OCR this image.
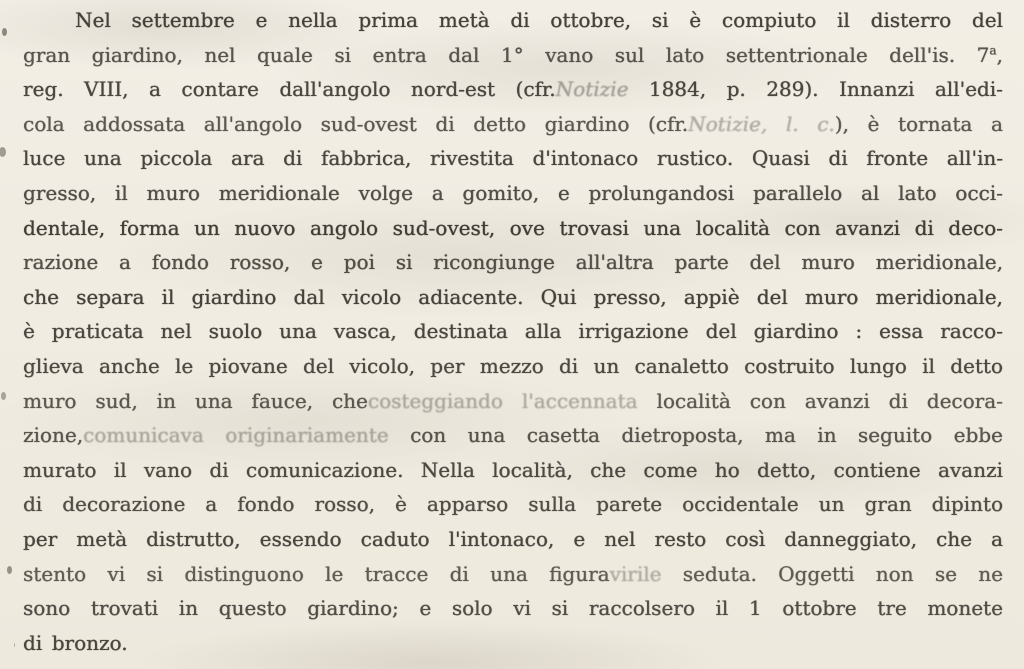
Nel settembre e nella prima metà di ottobre, si è compiuto il disterro del
gran giardino, nel quale si entra dal 1° vano sul lato settentrionale dell'is. 7$^a$,
reg. VIII, a contare dall'angolo nord-est (cfr.Notizie 1884, p. 289). Innanzi all'edi-
cola addossata all'angolo sud-ovest di detto giardino (cfr.Notizie, l. c.), è tornata a
luce una piccola ara di fabbrica, rivestita d'intonaco rustico. Quasi di fronte all'in-
gresso, il muro meridionale volge a gomito, e prolungandosi parallelo al lato occi-
dentale, forma un nuovo angolo sud-ovest, ove trovasi una località con avanzi di deco-
razione a fondo rosso, e poi si ricongiunge all'altra parte del muro meridionale,
che separa il giardino dal vicolo adiacente. Qui presso, appiè del muro meridionale,
è praticata nel suolo una vasca, destinata alla irrigazione del giardino : essa racco-
glieva anche le piovane del vicolo, per mezzo di un canaletto costruito lungo il detto
muro sud, in una fauce, checosteggiando l'accennata località con avanzi di decora-
zione,comunicava originariamente con una casetta dietroposta, ma in seguito ebbe
murato il vano di comunicazione. Nella località, che come ho detto, contiene avanzi
di decorazione a fondo rosso, è apparso sulla parete occidentale un gran dipinto
per metà distrutto, essendo caduto l'intonaco, e nel resto così danneggiato, che a
stento vi si distinguono le tracce di una figuravirile seduta. Oggetti non se ne
sono trovati in questo giardino; e solo vi si raccolsero il 1 ottobre tre monete
di bronzo.
